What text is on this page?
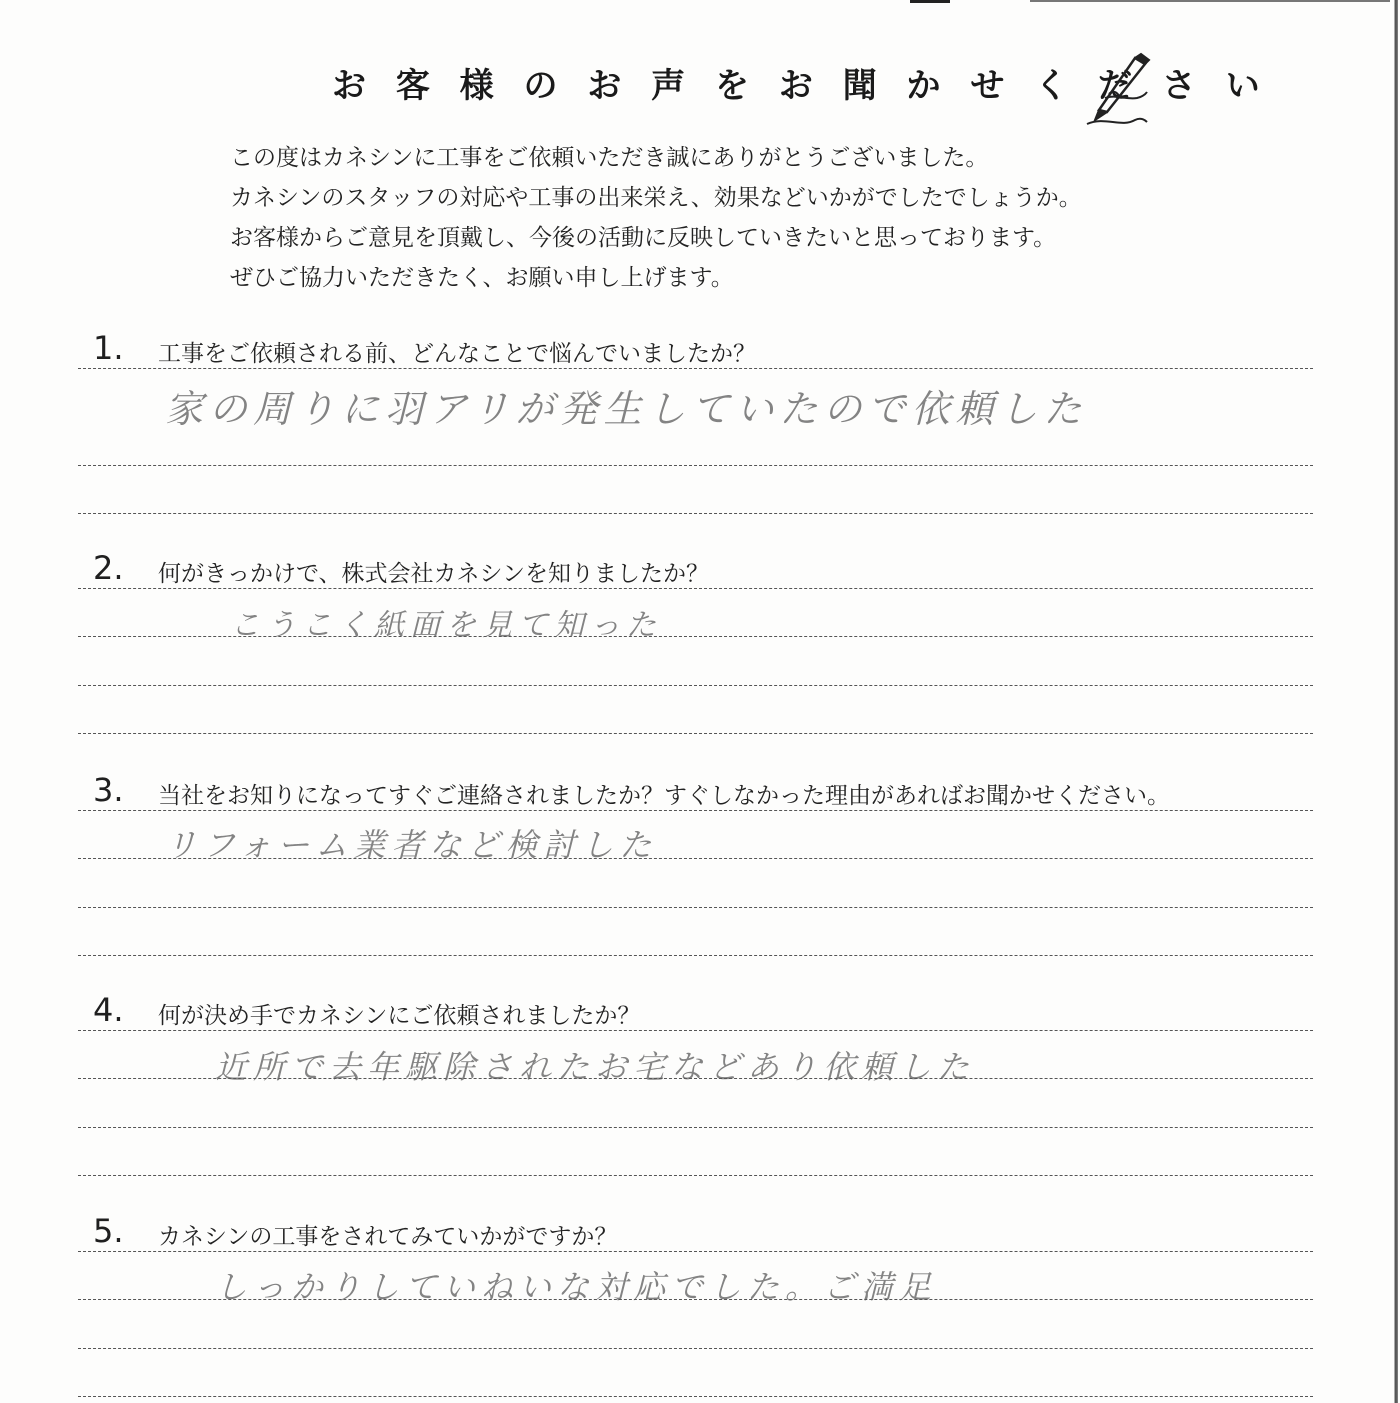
お 客 様 の お 声 を お 聞 か せ く だ さ い
この度はカネシンに工事をご依頼いただき誠にありがとうございました。
カネシンのスタッフの対応や工事の出来栄え、効果などいかがでしたでしょうか。
お客様からご意見を頂戴し、今後の活動に反映していきたいと思っております。
ぜひご協力いただきたく、お願い申し上げます。
1. 工事をご依頼される前、どんなことで悩んでいましたか？
家の周りに羽アリが発生していたので依頼した
2. 何がきっかけで、株式会社カネシンを知りましたか？
こうこく紙面を見て知った
3. 当社をお知りになってすぐご連絡されましたか？すぐしなかった理由があればお聞かせください。
リフォーム業者など検討した
4. 何が決め手でカネシンにご依頼されましたか？
近所で去年駆除されたお宅などあり依頼した
5. カネシンの工事をされてみていかがですか？
しっかりしていねいな対応でした。ご満足
